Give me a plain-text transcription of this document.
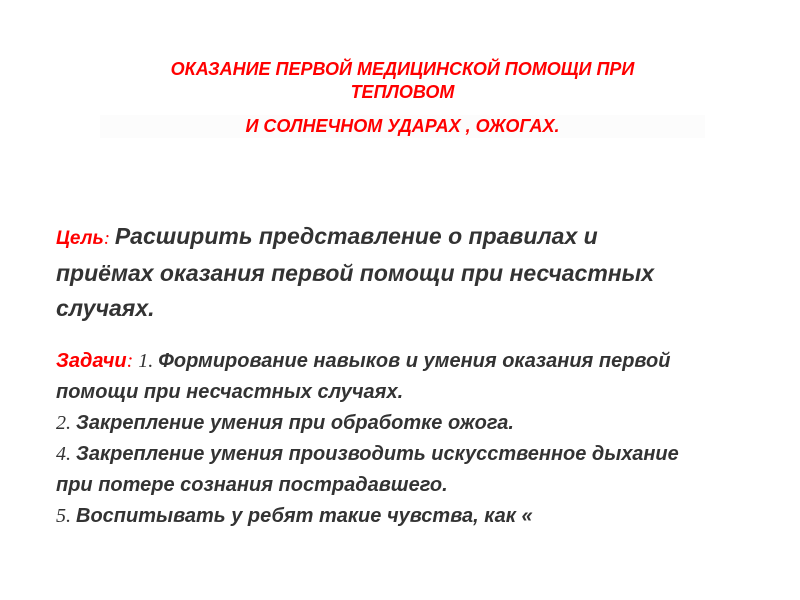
ОКАЗАНИЕ ПЕРВОЙ МЕДИЦИНСКОЙ ПОМОЩИ ПРИ
ТЕПЛОВОМ
И СОЛНЕЧНОМ УДАРАХ , ОЖОГАХ.
Цель: Расширить представление о правилах и приёмах оказания первой помощи при несчастных случаях.
Задачи: 1. Формирование навыков и умения оказания первой помощи при несчастных случаях.
2. Закрепление умения при обработке ожога.
4. Закрепление умения производить искусственное дыхание при потере сознания пострадавшего.
5. Воспитывать у ребят такие чувства, как «
